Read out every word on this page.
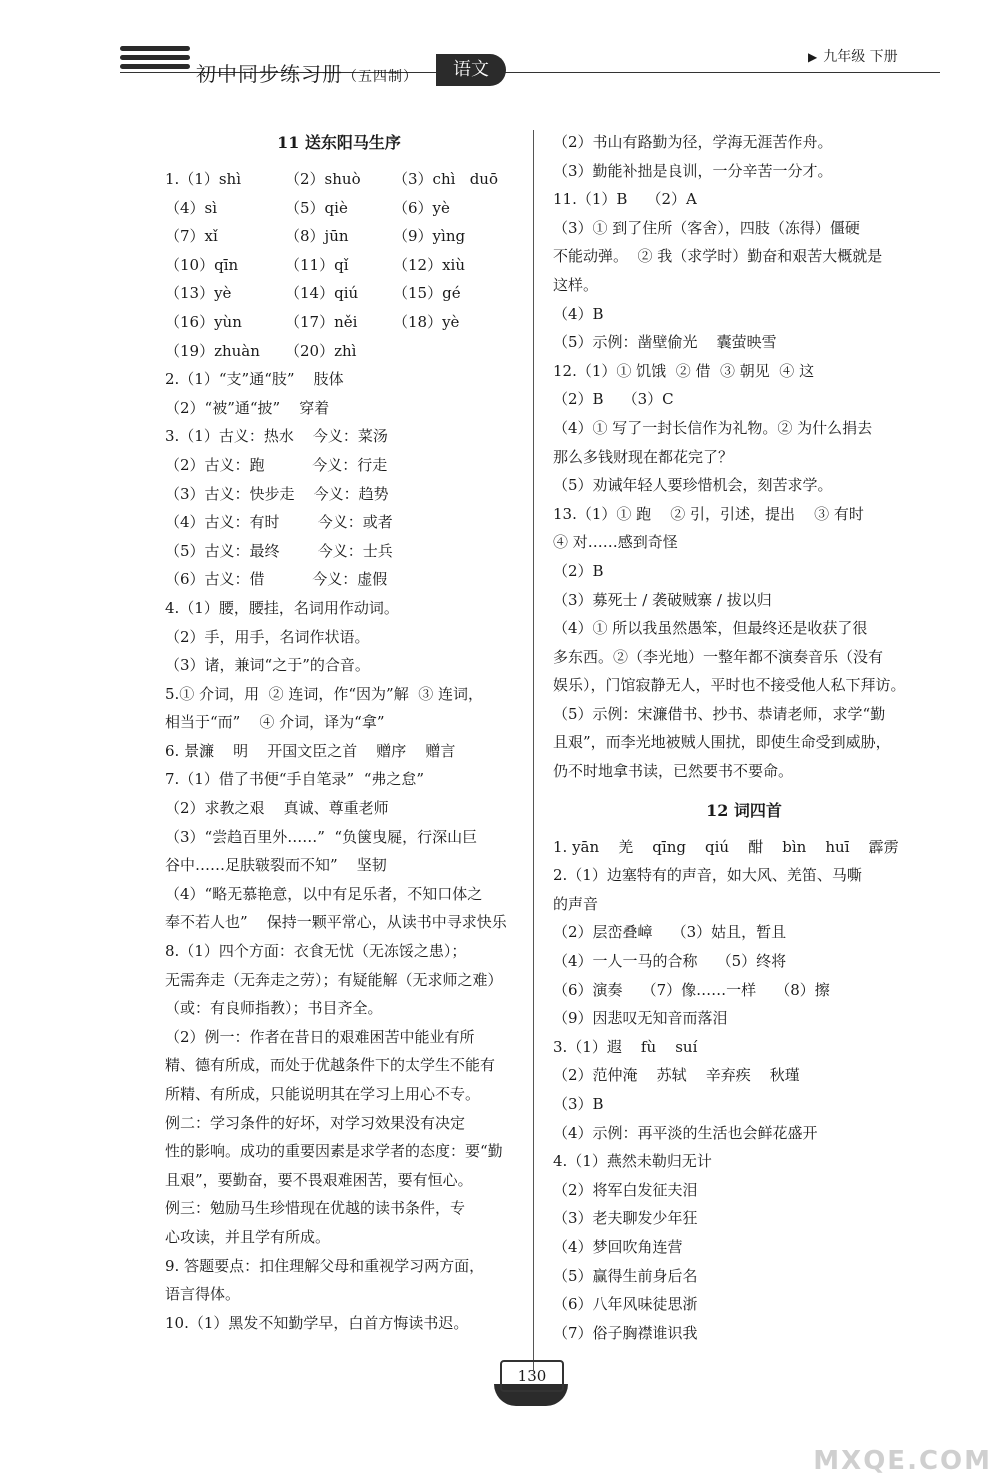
初中同步练习册（五四制）	语文
▶ 九年级 下册
11 送东阳马生序
1.（1）shì	（2）shuò	（3）chì   duō
（4）sì	（5）qiè	（6）yè
（7）xǐ	（8）jūn	（9）yìng
（10）qīn	（11）qǐ	（12）xiù
（13）yè	（14）qiú	（15）gé
（16）yùn	（17）něi	（18）yè
（19）zhuàn	（20）zhì
2.（1）“支”通“肢”    肢体
（2）“被”通“披”    穿着
3.（1）古义：热水    今义：菜汤
（2）古义：跑          今义：行走
（3）古义：快步走    今义：趋势
（4）古义：有时        今义：或者
（5）古义：最终        今义：士兵
（6）古义：借          今义：虚假
4.（1）腰，腰挂，名词用作动词。
（2）手，用手，名词作状语。
（3）诸，兼词“之于”的合音。
5.① 介词，用  ② 连词，作“因为”解  ③ 连词，
相当于“而”    ④ 介词，译为“拿”
6. 景濂    明    开国文臣之首    赠序    赠言
7.（1）借了书便“手自笔录”  “弗之怠”
（2）求教之艰    真诚、尊重老师
（3）“尝趋百里外……”  “负箧曳屣，行深山巨
谷中……足肤皲裂而不知”    坚韧
（4）“略无慕艳意，以中有足乐者，不知口体之
奉不若人也”    保持一颗平常心，从读书中寻求快乐
8.（1）四个方面：衣食无忧（无冻馁之患）；
无需奔走（无奔走之劳）；有疑能解（无求师之难）
（或：有良师指教）；书目齐全。
（2）例一：作者在昔日的艰难困苦中能业有所
精、德有所成，而处于优越条件下的太学生不能有
所精、有所成，只能说明其在学习上用心不专。
例二：学习条件的好坏，对学习效果没有决定
性的影响。成功的重要因素是求学者的态度：要“勤
且艰”，要勤奋，要不畏艰难困苦，要有恒心。
例三：勉励马生珍惜现在优越的读书条件，专
心攻读，并且学有所成。
9. 答题要点：扣住理解父母和重视学习两方面，
语言得体。
10.（1）黑发不知勤学早，白首方悔读书迟。
（2）书山有路勤为径，学海无涯苦作舟。
（3）勤能补拙是良训，一分辛苦一分才。
11.（1）B    （2）A
（3）① 到了住所（客舍），四肢（冻得）僵硬
不能动弹。  ② 我（求学时）勤奋和艰苦大概就是
这样。
（4）B
（5）示例：凿壁偷光    囊萤映雪
12.（1）① 饥饿  ② 借  ③ 朝见  ④ 这
（2）B    （3）C
（4）① 写了一封长信作为礼物。② 为什么捐去
那么多钱财现在都花完了？
（5）劝诫年轻人要珍惜机会，刻苦求学。
13.（1）① 跑    ② 引，引述，提出    ③ 有时
④ 对……感到奇怪
（2）B
（3）募死士 / 袭破贼寨 / 拔以归
（4）① 所以我虽然愚笨，但最终还是收获了很
多东西。②（李光地）一整年都不演奏音乐（没有
娱乐），门馆寂静无人，平时也不接受他人私下拜访。
（5）示例：宋濂借书、抄书、恭请老师，求学“勤
且艰”，而李光地被贼人围扰，即使生命受到威胁，
仍不时地拿书读，已然要书不要命。
12 词四首
1. yān    羌    qīng    qiú    酣    bìn    huī    霹雳
2.（1）边塞特有的声音，如大风、羌笛、马嘶
的声音
（2）层峦叠嶂    （3）姑且，暂且
（4）一人一马的合称    （5）终将
（6）演奏    （7）像……一样    （8）擦
（9）因悲叹无知音而落泪
3.（1）遐    fù    suí
（2）范仲淹    苏轼    辛弃疾    秋瑾
（3）B
（4）示例：再平淡的生活也会鲜花盛开
4.（1）燕然未勒归无计
（2）将军白发征夫泪
（3）老夫聊发少年狂
（4）梦回吹角连营
（5）赢得生前身后名
（6）八年风味徒思浙
（7）俗子胸襟谁识我
130
MXQE.COM
